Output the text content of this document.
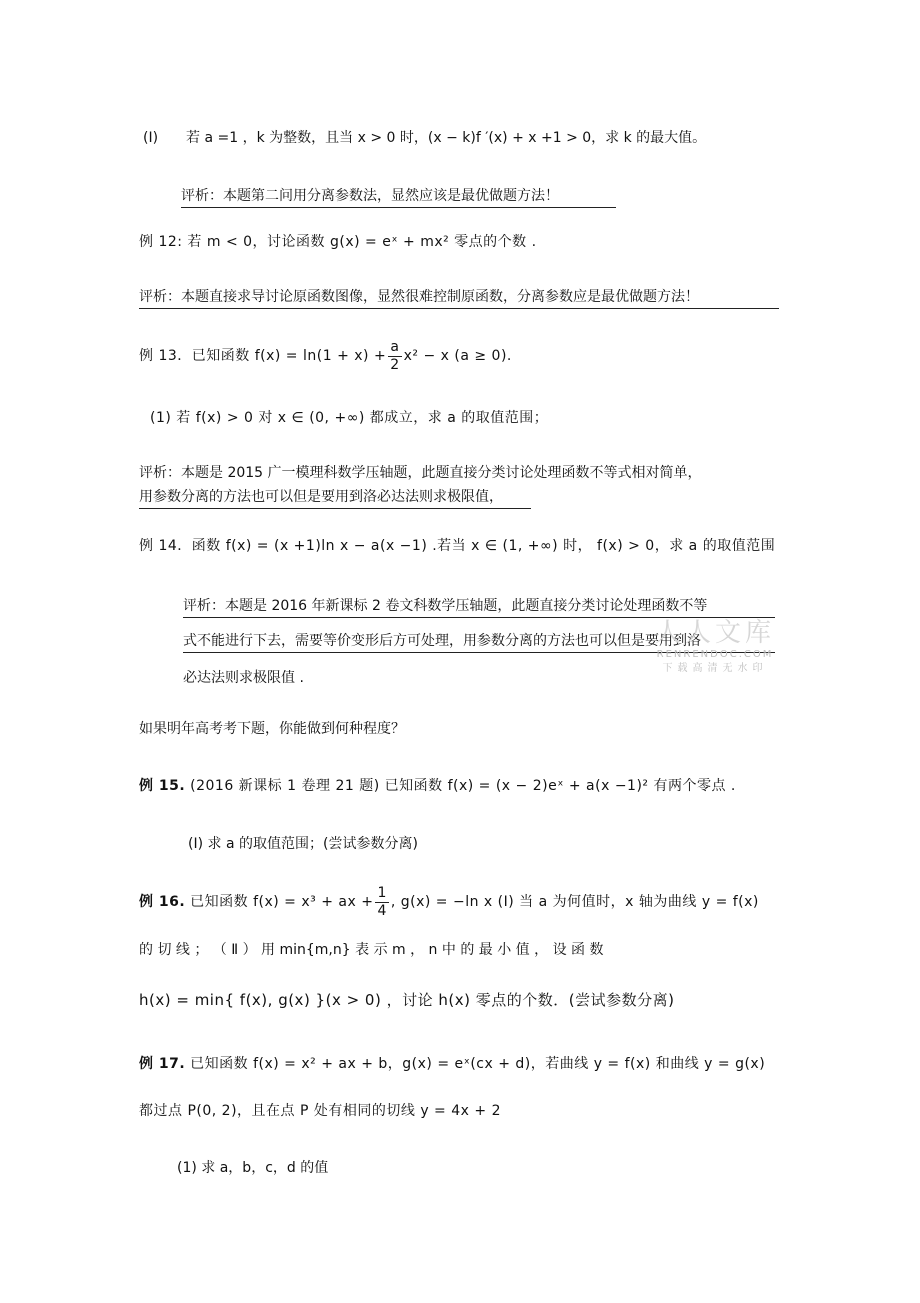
(Ⅰ)　　若 a =1 ，k 为整数，且当 x > 0 时，(x − k)f ′(x) + x +1 > 0，求 k 的最大值。
评析：本题第二问用分离参数法，显然应该是最优做题方法！
例 12: 若 m < 0，讨论函数 g(x) = eˣ + mx² 零点的个数 .
评析：本题直接求导讨论原函数图像，显然很难控制原函数，分离参数应是最优做题方法！
例 13．已知函数 $f(x) = \ln(1 + x) + \frac{a}{2} x^2 - x$ (a ≥ 0).
(1) 若 f(x) > 0 对 x ∈ (0, +∞) 都成立，求 a 的取值范围；
评析：本题是 2015 广一模理科数学压轴题，此题直接分类讨论处理函数不等式相对简单，
用参数分离的方法也可以但是要用到洛必达法则求极限值，
例 14．函数 f(x) = (x +1)ln x − a(x −1) .若当 x ∈ (1, +∞) 时， f(x) > 0，求 a 的取值范围
评析：本题是 2016 年新课标 2 卷文科数学压轴题，此题直接分类讨论处理函数不等
式不能进行下去，需要等价变形后方可处理，用参数分离的方法也可以但是要用到洛
必达法则求极限值 .
人人文库
RENRENDOC.COM
下载高清无水印
如果明年高考考下题，你能做到何种程度？
例 15. (2016 新课标 1 卷理 21 题) 已知函数 f(x) = (x − 2)eˣ + a(x −1)² 有两个零点 .
(Ⅰ) 求 a 的取值范围；(尝试参数分离)
例 16. 已知函数 f(x) = x³ + ax + $\frac{1}{4}$ , g(x) = −ln x (Ⅰ) 当 a 为何值时，x 轴为曲线 y = f(x)
的 切 线 ； （ Ⅱ ） 用 min{m,n} 表 示 m ， n 中 的 最 小 值 ， 设 函 数
h(x) = min{ f(x), g(x) }(x > 0) ，讨论 h(x) 零点的个数．(尝试参数分离)
例 17. 已知函数 f(x) = x² + ax + b，g(x) = eˣ(cx + d)，若曲线 y = f(x) 和曲线 y = g(x)
都过点 P(0, 2)，且在点 P 处有相同的切线 y = 4x + 2
(1) 求 a，b，c，d 的值
